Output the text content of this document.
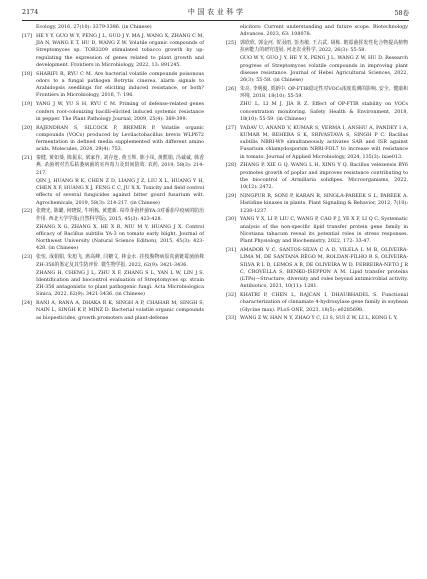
2174	中 国 农 业 科 学	58卷
Ecology, 2016, 27(10): 3379-3386. (in Chinese)
[17] HE Y Y, GUO W Y, PENG J L, GUO J Y, MA J, WANG X, ZHANG C M, JIA N, WANG E T, HU D, WANG Z W. Volatile organic compounds of Streptomyces sp. TOR3209 stimulated tobacco growth by up-regulating the expression of genes related to plant growth and development. Frontiers in Microbiology, 2022, 13: 891245.
[18] SHARIFI R, RYU C M. Are bacterial volatile compounds poisonous odors to a fungal pathogen Botrytis cinerea, alarm signals to Arabidopsis seedlings for eliciting induced resistance, or both? Frontiers in Microbiology, 2016, 7: 196.
[19] YANG J W, YU S H, RYU C M. Priming of defense-related genes confers root-colonizing bacilli-elicited induced systemic resistance in pepper. The Plant Pathology Journal, 2009, 25(4): 389-399.
[20] RAJENDRAN S, SILCOCK P, BREMER P. Volatile organic compounds (VOCs) produced by Levilactobacillus brevis WLP672 fermentation in defined media supplemented with different amino acids. Molecules, 2024, 29(4): 753.
[21] 秦健, 黄如葵, 陈振东, 梁家作, 刘存连, 黄玉辉, 陈小凤, 黄熊娟, 冯诚诚, 韩香燕. 杀菌剂对苦瓜枯萎病菌的室内毒力及田间防效. 农药, 2019, 58(3): 214-217.
QIN J, HUANG R K, CHEN Z D, LIANG J Z, LIU X L, HUANG Y H, CHEN X F, HUANG X J, FENG C C, JU X X. Toxicity and field control effects of several fungicides against bitter gourd fusarium wilt. Agrochemicals, 2019, 58(3): 214-217. (in Chinese)
[22] 张晓光, 陈璐, 何晓锐, 牛明栋, 黄建新. 枯草芽孢杆菌YA-3对番茄早疫病的防治作用. 西北大学学报(自然科学版), 2015, 45(3): 423-428.
ZHANG X G, ZHANG X, HE X R, NIU M Y, HUANG J X. Control efficacy of Bacillus subtilis YA-3 on tomato early blight. Journal of Northwest University (Natural Science Edition), 2015, 45(3): 423-428. (in Chinese)
[23] 张恒, 成娟娟, 朱旭飞, 席高峰, 闫糖文, 林金水. 挂枝腹物病原真菌链霉菌菌株ZH-356的鉴定及其生防评价. 微生物学报, 2022, 62(9): 3421-3436.
ZHANG H, CHENG J L, ZHU X F, ZHANG S L, YAN L W, LIN J S. Identification and biocontrol evaluation of Streptomyces sp. strain ZH-356 antagonistic to plant pathogenic fungi. Acta Microbiologica Sinica, 2022, 62(9): 3421-3436. (in Chinese)
[24] RANI A, RANA A, DHAKA R K, SINGH A P, CHAHAR M, SINGH S, NAIN L, SINGH K P, MINZ D. Bacterial volatile organic compounds as biopesticides, growth promoters and plant-defense
elicitors: Current understanding and future scope. Biotechnology Advances, 2023, 63: 108078.
[25] 郭欣欣, 郭金河, 贺羽雨, 彭杰敏, 王占武, 胡栋. 链霉菌挥发性化合物提高植物抗病能力的研究进展. 河北农业科学, 2022, 26(3): 55-58.
GUO W Y, GUO J Y, HE Y X, PENG J L, WANG Z W, HU D. Research progress of Streptomyces volatile compounds in improving plant disease resistance. Journal of Hebei Agricultural Sciences, 2022, 26(3): 55-58. (in Chinese)
[26] 朱亮, 李明俊, 贾新中. OP-FTIR稳定性对VOCs浓度监测的影响. 安全、健康和环境, 2018, 18(10): 55-59.
ZHU L, LI M J, JIA R Z. Effect of OP-FTIR stability on VOCs concentration monitoring. Safety Health & Environment, 2018, 18(10): 55-59. (in Chinese)
[27] YADAV U, ANAND V, KUMAR S, VERMA I, ANSHU A, PANDEY I A, KUMAR M, BEHERA S K, SRIVASTAVA S, SINGH P C. Bacillus subtilis NBRI-W9 simultaneously activates SAR and ISR against Fusarium chlamydosporum NBRI-FOL7 to increase wilt resistance in tomato. Journal of Applied Microbiology, 2024, 135(3): lxae013.
[28] ZHANG P, XIE G Q, WANG L H, XING Y Q. Bacillus velezensis BY6 promotes growth of poplar and improves resistance contributing to the biocontrol of Armillaria solidipes. Microorganisms, 2022, 10(12): 2472.
[29] NINGPUR R, SONI P, KARAN R, SINGLA-PAREEK S L, PAREEK A. Histidine kinases in plants. Plant Signaling & Behavior, 2012, 7(10): 1230-1237.
[30] YANG Y X, LI P, LIU C, WANG P, CAO P J, YE X F, LI Q C. Systematic analysis of the non-specific lipid transfer protein gene family in Nicotiana tabacum reveal its potential roles in stress responses. Plant Physiology and Biochemistry, 2022, 172: 33-47.
[31] AMADOR V C, SANTOS-SILVA C A D, VILELA L M B, OLIVEIRA-LIMA M, DE SANTANA RÊGO M, ROLDAN-FILHO R S, OLIVEIRA-SILVA R L D, LEMOS A B, DE OLIVEIRA W D, FERREIRA-NETO J R C, CROVELLA S, BENKO-ISEPPON A M. Lipid transfer proteins (LTPs)—Structure, diversity and roles beyond antimicrobial activity. Antibiotics, 2021, 10(11): 1281.
[32] KHATRI P, CHEN L, RAJCAN I, DHAUBHADEL S. Functional characterization of cinnamate 4-hydroxylase gene family in soybean (Glycine max). PLoS ONE, 2023, 18(5): e0285698.
[33] WANG Z W, HAN N Y, ZHAO Y C, LI S, SUI Z W, LI L, KONG L Y,
